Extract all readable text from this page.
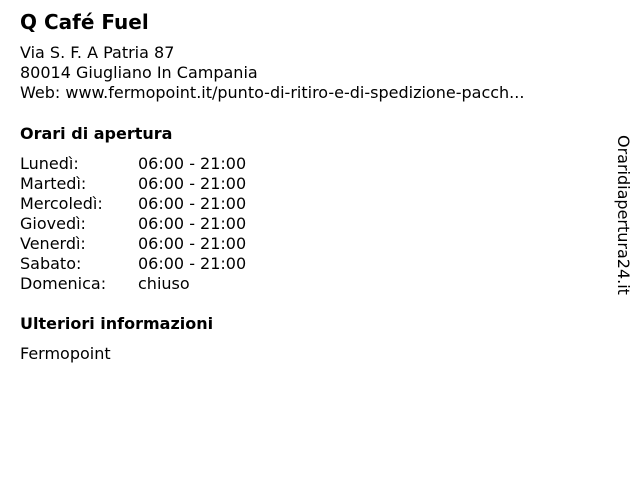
Q Café Fuel
Via S. F. A Patria 87
80014 Giugliano In Campania
Web: www.fermopoint.it/punto-di-ritiro-e-di-spedizione-pacch...
Orari di apertura
Lunedì:	06:00 - 21:00
Martedì:	06:00 - 21:00
Mercoledì:	06:00 - 21:00
Giovedì:	06:00 - 21:00
Venerdì:	06:00 - 21:00
Sabato:	06:00 - 21:00
Domenica:	chiuso
Ulteriori informazioni
Fermopoint
Oraridiapertura24.it
